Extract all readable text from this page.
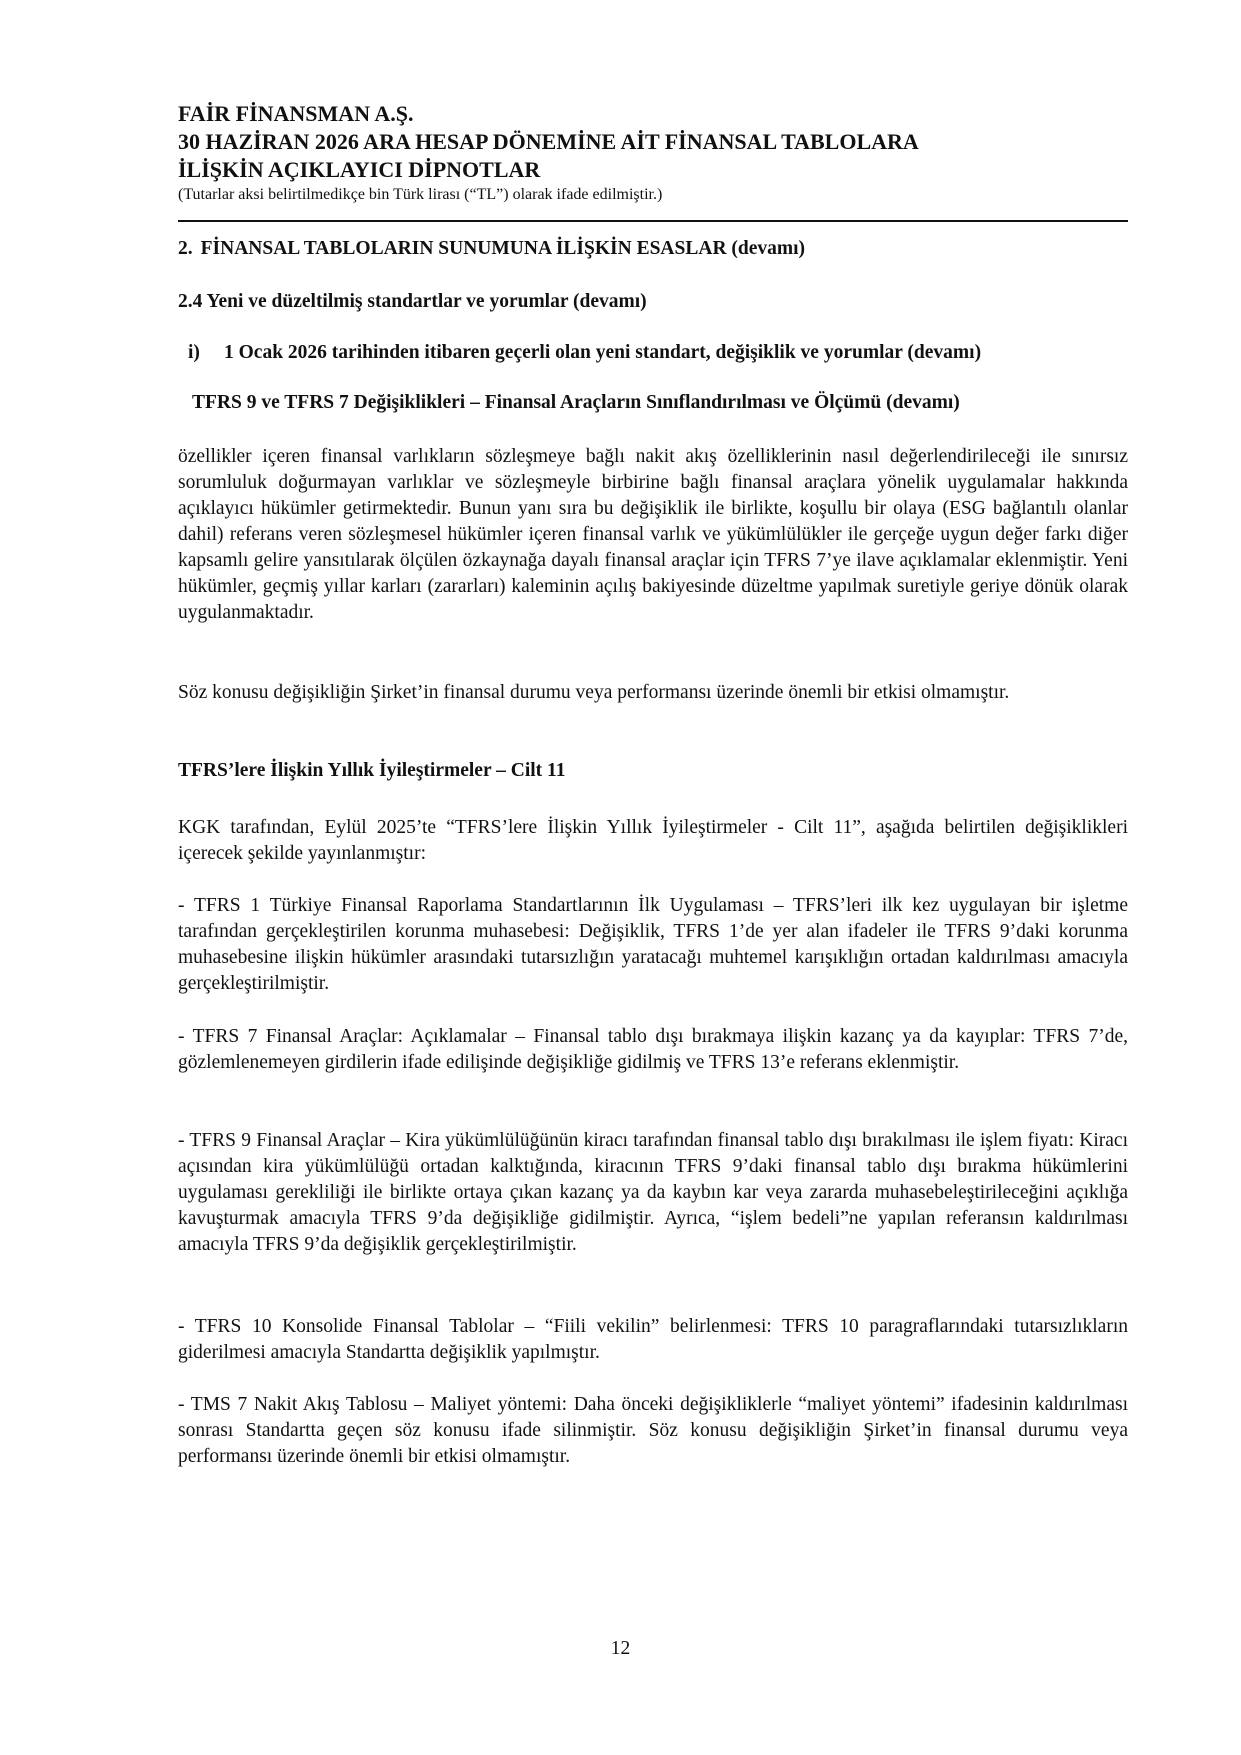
FAİR FİNANSMAN A.Ş.

30 HAZİRAN 2026 ARA HESAP DÖNEMİNE AİT FİNANSAL TABLOLARA

İLİŞKİN AÇIKLAYICI DİPNOTLAR

(Tutarlar aksi belirtilmedikçe bin Türk lirası (“TL”) olarak ifade edilmiştir.)

2. FİNANSAL TABLOLARIN SUNUMUNA İLİŞKİN ESASLAR (devamı)

2.4 Yeni ve düzeltilmiş standartlar ve yorumlar (devamı)

i) 1 Ocak 2026 tarihinden itibaren geçerli olan yeni standart, değişiklik ve yorumlar (devamı)

TFRS 9 ve TFRS 7 Değişiklikleri – Finansal Araçların Sınıflandırılması ve Ölçümü (devamı)

özellikler içeren finansal varlıkların sözleşmeye bağlı nakit akış özelliklerinin nasıl değerlendirileceği ile sınırsız sorumluluk doğurmayan varlıklar ve sözleşmeyle birbirine bağlı finansal araçlara yönelik uygulamalar hakkında açıklayıcı hükümler getirmektedir. Bunun yanı sıra bu değişiklik ile birlikte, koşullu bir olaya (ESG bağlantılı olanlar dahil) referans veren sözleşmesel hükümler içeren finansal varlık ve yükümlülükler ile gerçeğe uygun değer farkı diğer kapsamlı gelire yansıtılarak ölçülen özkaynağa dayalı finansal araçlar için TFRS 7’ye ilave açıklamalar eklenmiştir. Yeni hükümler, geçmiş yıllar karları (zararları) kaleminin açılış bakiyesinde düzeltme yapılmak suretiyle geriye dönük olarak uygulanmaktadır.

Söz konusu değişikliğin Şirket’in finansal durumu veya performansı üzerinde önemli bir etkisi olmamıştır.

TFRS’lere İlişkin Yıllık İyileştirmeler – Cilt 11

KGK tarafından, Eylül 2025’te “TFRS’lere İlişkin Yıllık İyileştirmeler - Cilt 11”, aşağıda belirtilen değişiklikleri içerecek şekilde yayınlanmıştır:

- TFRS 1 Türkiye Finansal Raporlama Standartlarının İlk Uygulaması – TFRS’leri ilk kez uygulayan bir işletme tarafından gerçekleştirilen korunma muhasebesi: Değişiklik, TFRS 1’de yer alan ifadeler ile TFRS 9’daki korunma muhasebesine ilişkin hükümler arasındaki tutarsızlığın yaratacağı muhtemel karışıklığın ortadan kaldırılması amacıyla gerçekleştirilmiştir.

- TFRS 7 Finansal Araçlar: Açıklamalar – Finansal tablo dışı bırakmaya ilişkin kazanç ya da kayıplar: TFRS 7’de, gözlemlenemeyen girdilerin ifade edilişinde değişikliğe gidilmiş ve TFRS 13’e referans eklenmiştir.

- TFRS 9 Finansal Araçlar – Kira yükümlülüğünün kiracı tarafından finansal tablo dışı bırakılması ile işlem fiyatı: Kiracı açısından kira yükümlülüğü ortadan kalktığında, kiracının TFRS 9’daki finansal tablo dışı bırakma hükümlerini uygulaması gerekliliği ile birlikte ortaya çıkan kazanç ya da kaybın kar veya zararda muhasebeleştirileceğini açıklığa kavuşturmak amacıyla TFRS 9’da değişikliğe gidilmiştir. Ayrıca, “işlem bedeli”ne yapılan referansın kaldırılması amacıyla TFRS 9’da değişiklik gerçekleştirilmiştir.

- TFRS 10 Konsolide Finansal Tablolar – “Fiili vekilin” belirlenmesi: TFRS 10 paragraflarındaki tutarsızlıkların giderilmesi amacıyla Standartta değişiklik yapılmıştır.

- TMS 7 Nakit Akış Tablosu – Maliyet yöntemi: Daha önceki değişikliklerle “maliyet yöntemi” ifadesinin kaldırılması sonrası Standartta geçen söz konusu ifade silinmiştir. Söz konusu değişikliğin Şirket’in finansal durumu veya performansı üzerinde önemli bir etkisi olmamıştır.

12
